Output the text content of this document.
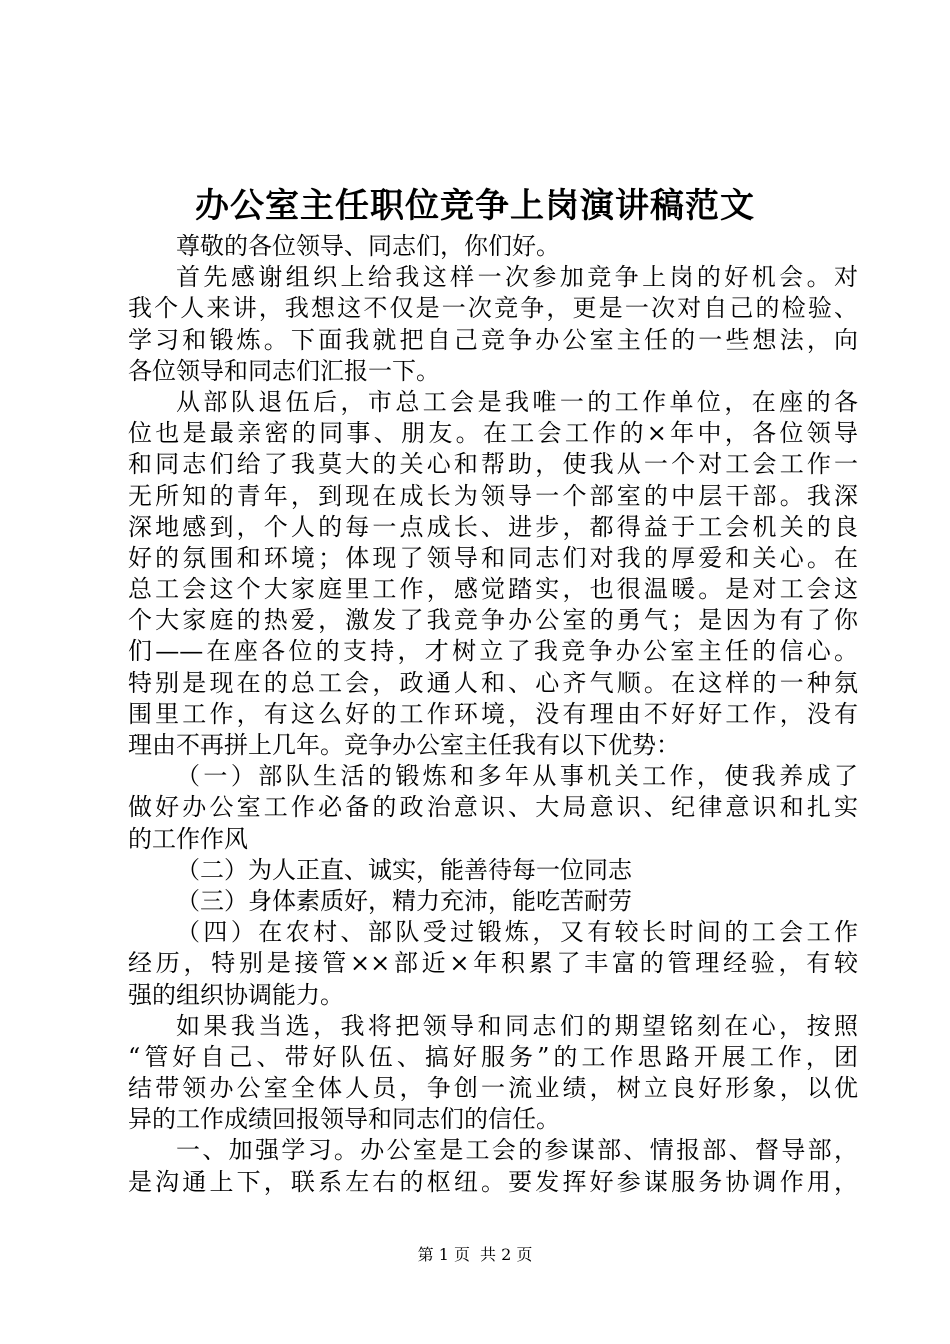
办公室主任职位竞争上岗演讲稿范文
尊敬的各位领导、同志们，你们好。
首先感谢组织上给我这样一次参加竞争上岗的好机会。对
我个人来讲，我想这不仅是一次竞争，更是一次对自己的检验、
学习和锻炼。下面我就把自己竞争办公室主任的一些想法，向
各位领导和同志们汇报一下。
从部队退伍后，市总工会是我唯一的工作单位，在座的各
位也是最亲密的同事、朋友。在工会工作的×年中，各位领导
和同志们给了我莫大的关心和帮助，使我从一个对工会工作一
无所知的青年，到现在成长为领导一个部室的中层干部。我深
深地感到，个人的每一点成长、进步，都得益于工会机关的良
好的氛围和环境；体现了领导和同志们对我的厚爱和关心。在
总工会这个大家庭里工作，感觉踏实，也很温暖。是对工会这
个大家庭的热爱，激发了我竞争办公室的勇气；是因为有了你
们——在座各位的支持，才树立了我竞争办公室主任的信心。
特别是现在的总工会，政通人和、心齐气顺。在这样的一种氛
围里工作，有这么好的工作环境，没有理由不好好工作，没有
理由不再拼上几年。竞争办公室主任我有以下优势：
（一）部队生活的锻炼和多年从事机关工作，使我养成了
做好办公室工作必备的政治意识、大局意识、纪律意识和扎实
的工作作风
（二）为人正直、诚实，能善待每一位同志
（三）身体素质好，精力充沛，能吃苦耐劳
（四）在农村、部队受过锻炼，又有较长时间的工会工作
经历，特别是接管××部近×年积累了丰富的管理经验，有较
强的组织协调能力。
如果我当选，我将把领导和同志们的期望铭刻在心，按照
“管好自己、带好队伍、搞好服务”的工作思路开展工作，团
结带领办公室全体人员，争创一流业绩，树立良好形象，以优
异的工作成绩回报领导和同志们的信任。
一、加强学习。办公室是工会的参谋部、情报部、督导部，
是沟通上下，联系左右的枢纽。要发挥好参谋服务协调作用，
第 1 页 共 2 页
